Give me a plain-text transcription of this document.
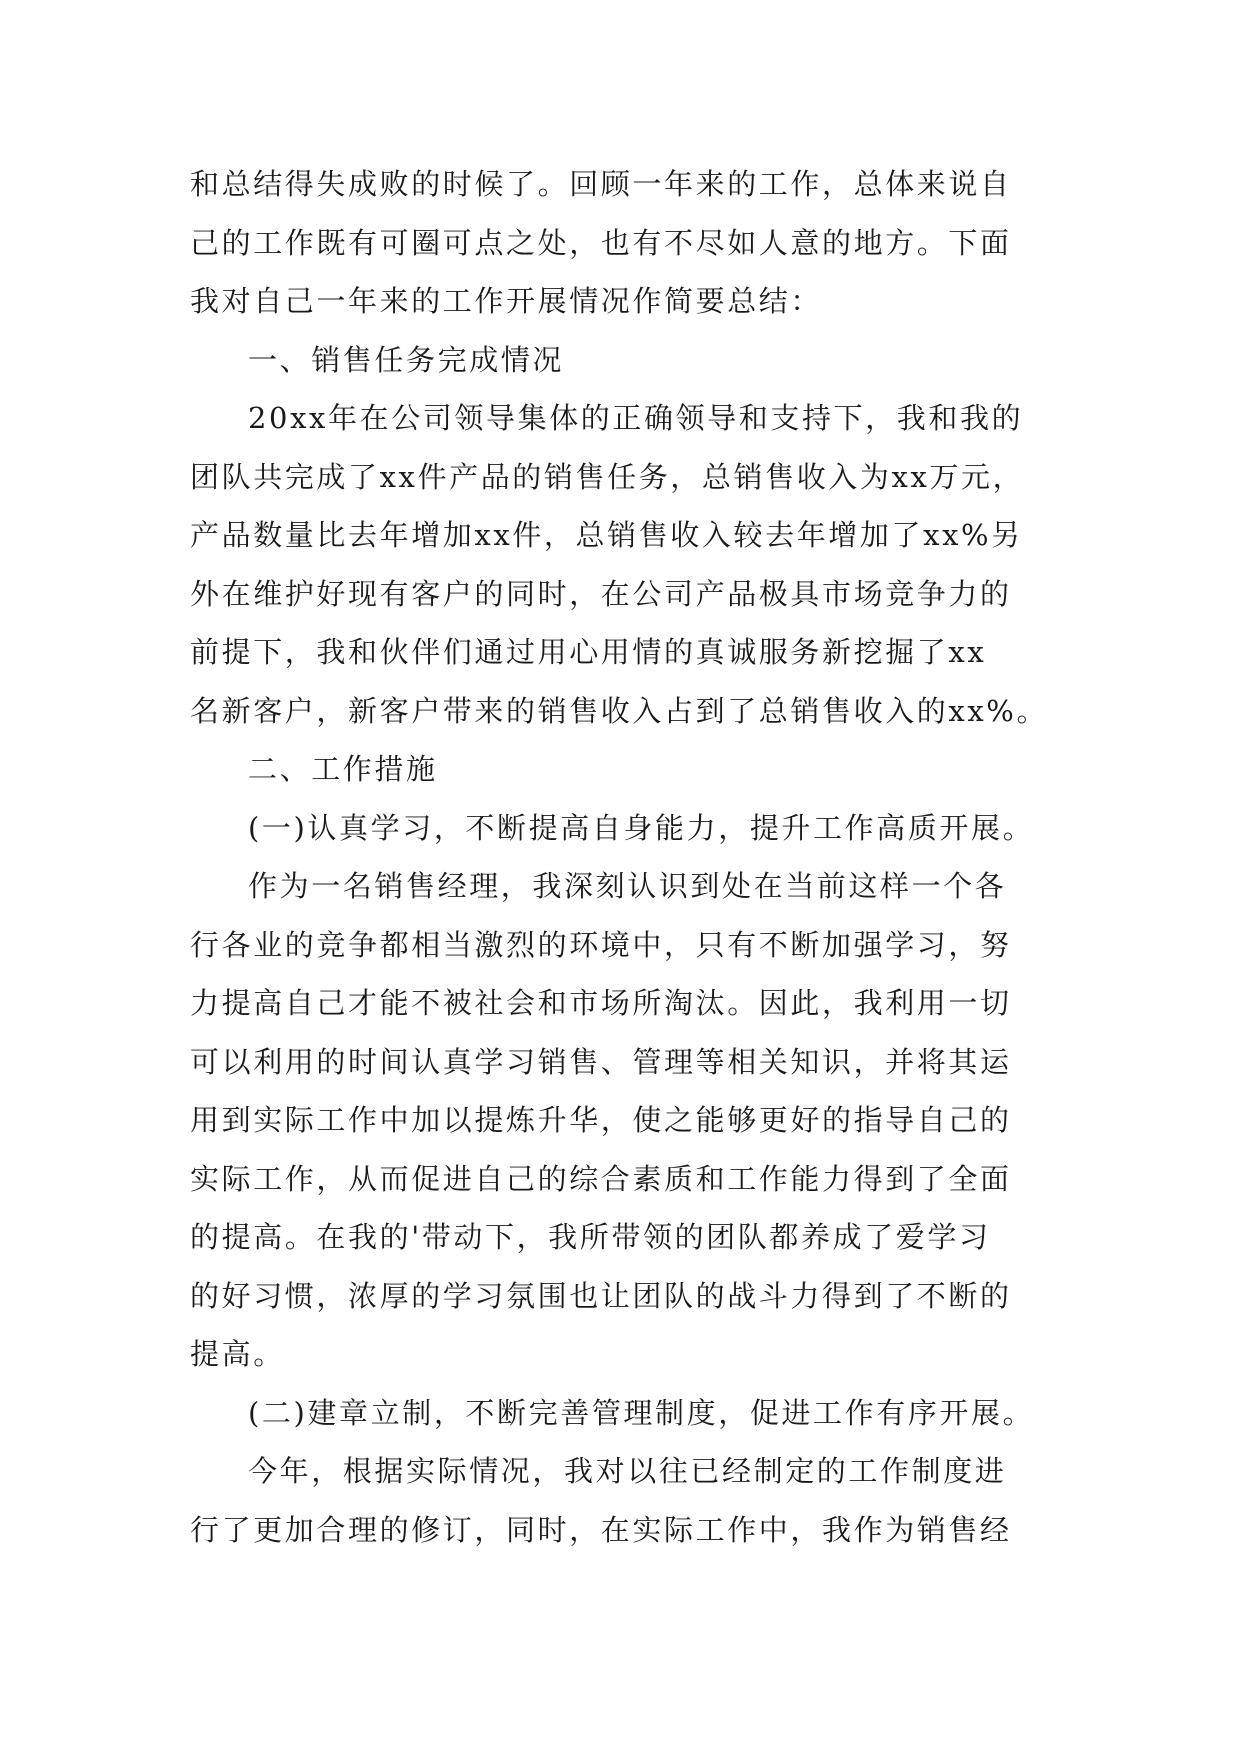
和总结得失成败的时候了。回顾一年来的工作，总体来说自
己的工作既有可圈可点之处，也有不尽如人意的地方。下面
我对自己一年来的工作开展情况作简要总结：
一、销售任务完成情况
20xx年在公司领导集体的正确领导和支持下，我和我的
团队共完成了xx件产品的销售任务，总销售收入为xx万元，
产品数量比去年增加xx件，总销售收入较去年增加了xx%另
外在维护好现有客户的同时，在公司产品极具市场竞争力的
前提下，我和伙伴们通过用心用情的真诚服务新挖掘了xx
名新客户，新客户带来的销售收入占到了总销售收入的xx%。
二、工作措施
(一)认真学习，不断提高自身能力，提升工作高质开展。
作为一名销售经理，我深刻认识到处在当前这样一个各
行各业的竞争都相当激烈的环境中，只有不断加强学习，努
力提高自己才能不被社会和市场所淘汰。因此，我利用一切
可以利用的时间认真学习销售、管理等相关知识，并将其运
用到实际工作中加以提炼升华，使之能够更好的指导自己的
实际工作，从而促进自己的综合素质和工作能力得到了全面
的提高。在我的'带动下，我所带领的团队都养成了爱学习
的好习惯，浓厚的学习氛围也让团队的战斗力得到了不断的
提高。
(二)建章立制，不断完善管理制度，促进工作有序开展。
今年，根据实际情况，我对以往已经制定的工作制度进
行了更加合理的修订，同时，在实际工作中，我作为销售经
